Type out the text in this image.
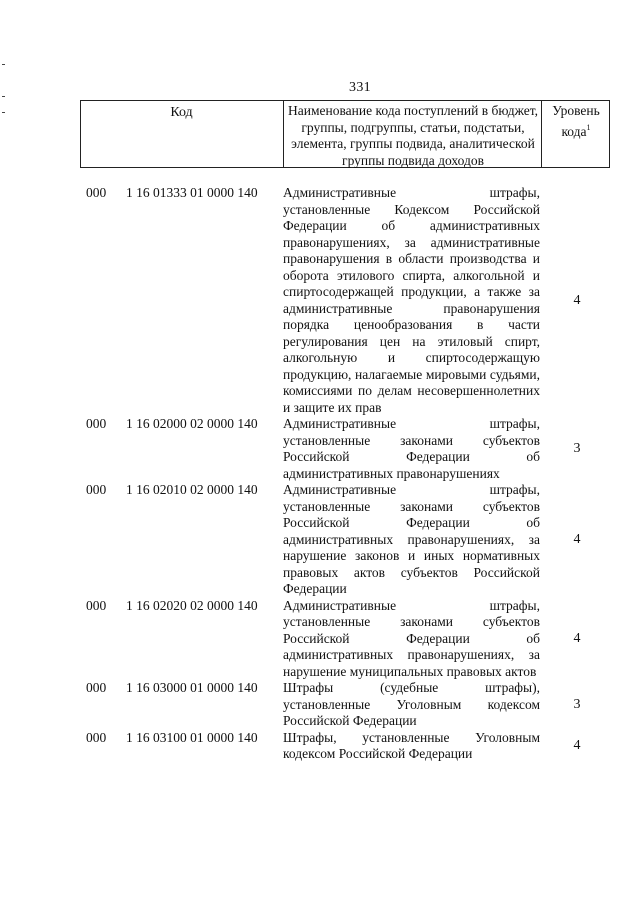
331
Код	Наименование кода поступлений в бюджет, группы, подгруппы, статьи, подстатьи, элемента, группы подвида, аналитической группы подвида доходов
Уровень кода$^1$
000 1 16 01333 01 0000 140 Административные штрафы, установленные Кодексом Российской Федерации об административных правонарушениях, за административные правонарушения в области производства и оборота этилового спирта, алкогольной и спиртосодержащей продукции, а также за административные правонарушения порядка ценообразования в части регулирования цен на этиловый спирт, алкогольную и спиртосодержащую продукцию, налагаемые мировыми судьями, комиссиями по делам несовершеннолетних и защите их прав
4
000 1 16 02000 02 0000 140 Административные штрафы, установленные законами субъектов Российской Федерации об административных правонарушениях
3
000 1 16 02010 02 0000 140 Административные штрафы, установленные законами субъектов Российской Федерации об административных правонарушениях, за нарушение законов и иных нормативных правовых актов субъектов Российской Федерации
4
000 1 16 02020 02 0000 140 Административные штрафы, установленные законами субъектов Российской Федерации об административных правонарушениях, за нарушение муниципальных правовых актов
4
000 1 16 03000 01 0000 140 Штрафы (судебные штрафы), установленные Уголовным кодексом Российской Федерации
3
000 1 16 03100 01 0000 140 Штрафы, установленные Уголовным кодексом Российской Федерации
4
